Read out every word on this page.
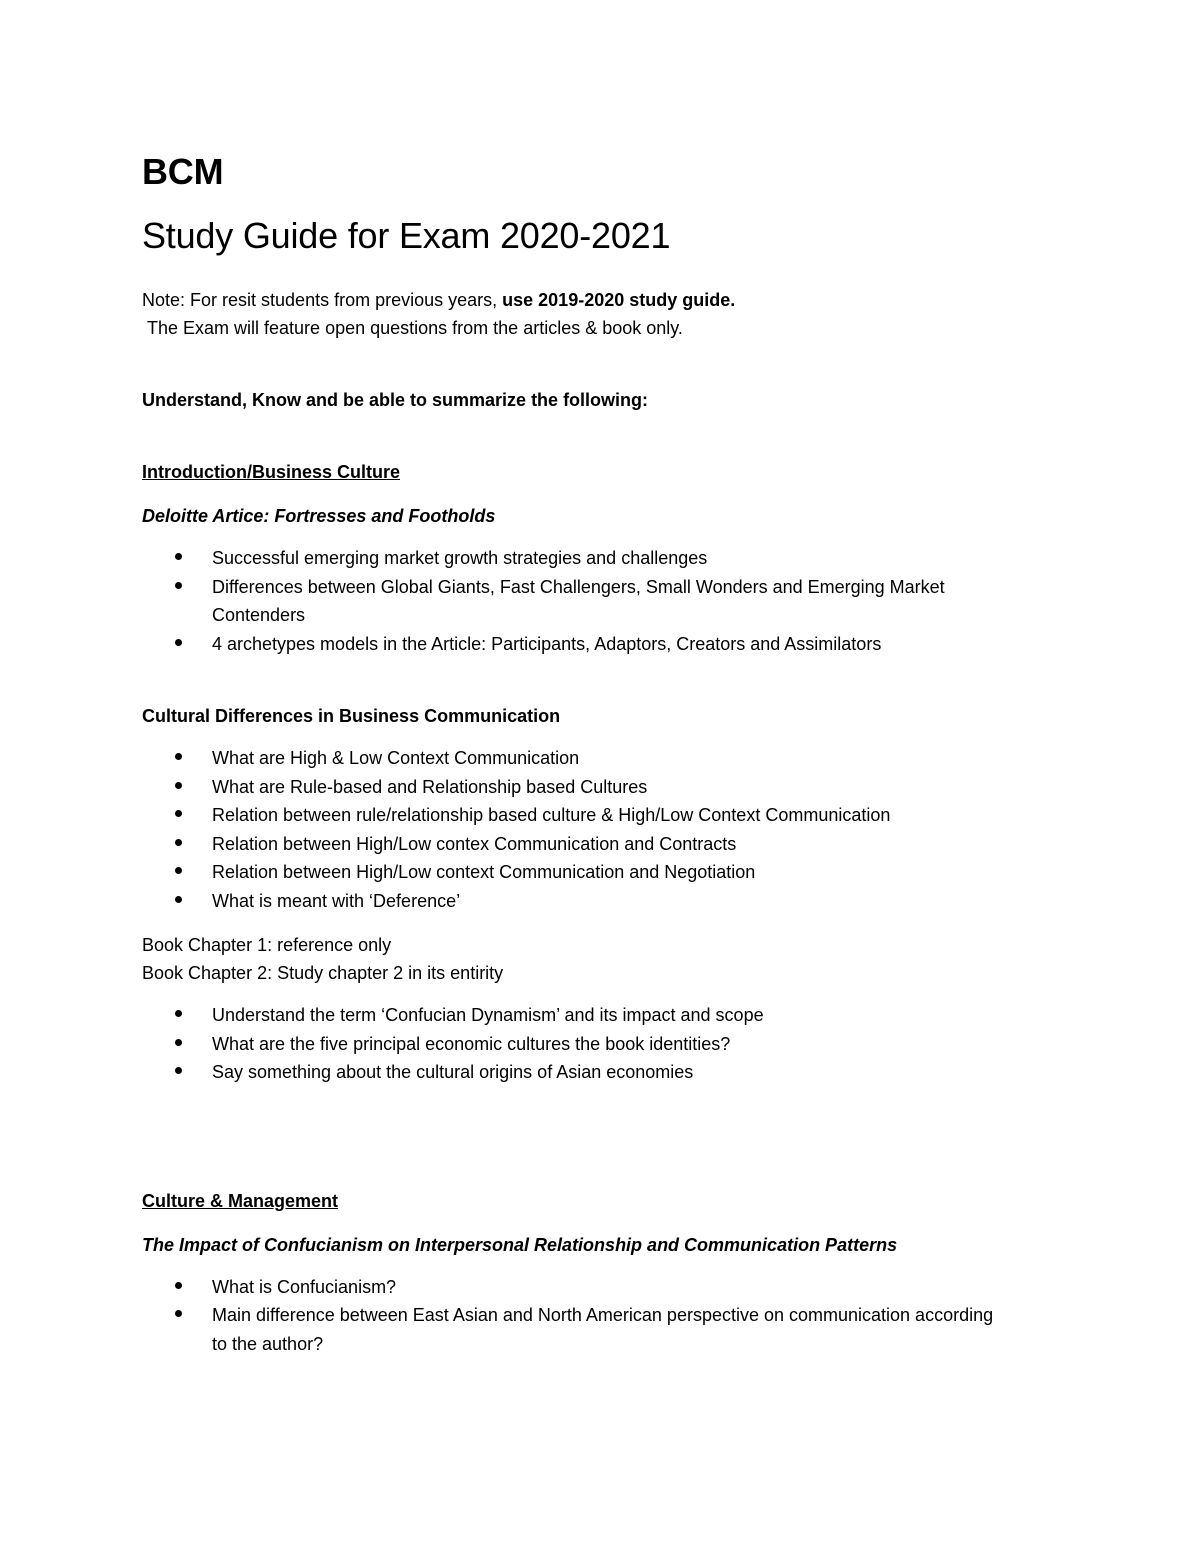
BCM

Study Guide for Exam 2020-2021

Note: For resit students from previous years, use 2019-2020 study guide.

The Exam will feature open questions from the articles & book only.

Understand, Know and be able to summarize the following:

Introduction/Business Culture

Deloitte Artice: Fortresses and Footholds

Successful emerging market growth strategies and challenges
Differences between Global Giants, Fast Challengers, Small Wonders and Emerging Market Contenders
4 archetypes models in the Article: Participants, Adaptors, Creators and Assimilators

Cultural Differences in Business Communication

What are High & Low Context Communication
What are Rule-based and Relationship based Cultures
Relation between rule/relationship based culture & High/Low Context Communication
Relation between High/Low contex Communication and Contracts
Relation between High/Low context Communication and Negotiation
What is meant with ‘Deference’

Book Chapter 1: reference only

Book Chapter 2: Study chapter 2 in its entirity

Understand the term ‘Confucian Dynamism’ and its impact and scope
What are the five principal economic cultures the book identities?
Say something about the cultural origins of Asian economies

Culture & Management

The Impact of Confucianism on Interpersonal Relationship and Communication Patterns

What is Confucianism?
Main difference between East Asian and North American perspective on communication according to the author?
